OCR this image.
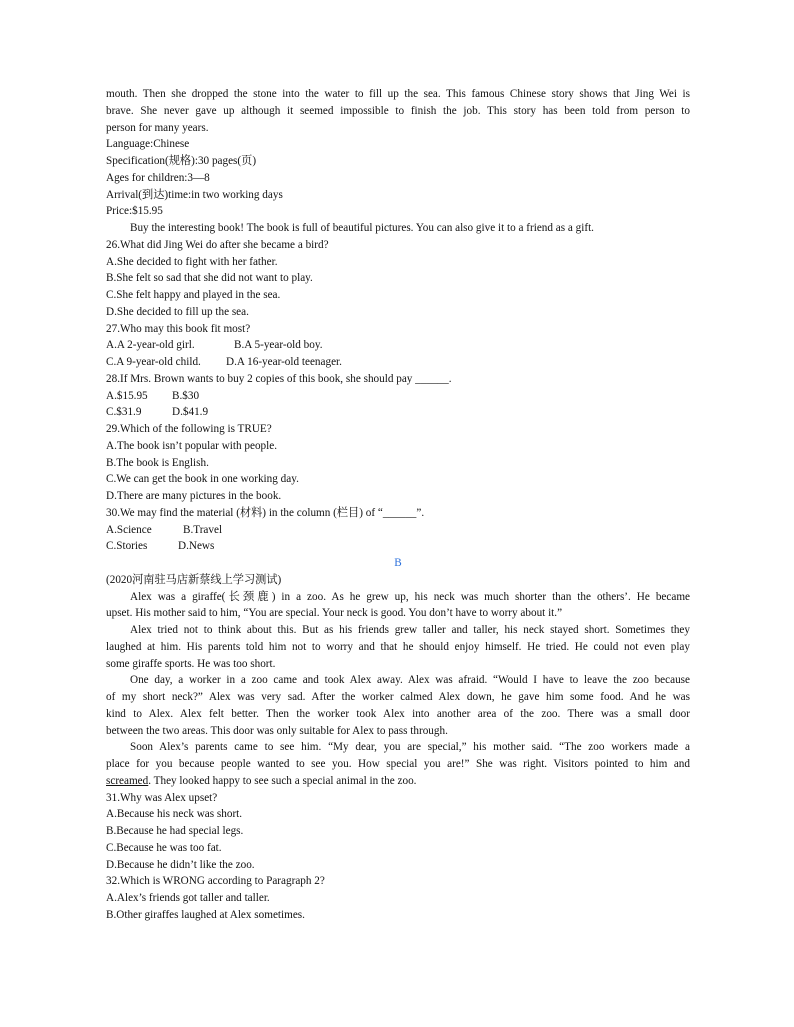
mouth. Then she dropped the stone into the water to fill up the sea. This famous Chinese story shows that Jing Wei is
brave. She never gave up although it seemed impossible to finish the job. This story has been told from person to
person for many years.
Language:Chinese
Specification(规格):30 pages(页)
Ages for children:3—8
Arrival(到达)time:in two working days
Price:$15.95
Buy the interesting book! The book is full of beautiful pictures. You can also give it to a friend as a gift.
26.What did Jing Wei do after she became a bird?
A.She decided to fight with her father.
B.She felt so sad that she did not want to play.
C.She felt happy and played in the sea.
D.She decided to fill up the sea.
27.Who may this book fit most?
A.A 2-year-old girl.	B.A 5-year-old boy.
C.A 9-year-old child. D.A 16-year-old teenager.
28.If Mrs. Brown wants to buy 2 copies of this book, she should pay ______.
A.$15.95 B.$30
C.$31.9	D.$41.9
29.Which of the following is TRUE?
A.The book isn’t popular with people.
B.The book is English.
C.We can get the book in one working day.
D.There are many pictures in the book.
30.We may find the material (材料) in the column (栏目) of “______”.
A.Science	B.Travel
C.Stories	D.News
B
(2020河南驻马店新蔡线上学习测试)
Alex was a giraffe(长颈鹿) in a zoo. As he grew up, his neck was much shorter than the others’. He became
upset. His mother said to him, “You are special. Your neck is good. You don’t have to worry about it.”
Alex tried not to think about this. But as his friends grew taller and taller, his neck stayed short. Sometimes they
laughed at him. His parents told him not to worry and that he should enjoy himself. He tried. He could not even play
some giraffe sports. He was too short.
One day, a worker in a zoo came and took Alex away. Alex was afraid. “Would I have to leave the zoo because
of my short neck?” Alex was very sad. After the worker calmed Alex down, he gave him some food. And he was
kind to Alex. Alex felt better. Then the worker took Alex into another area of the zoo. There was a small door
between the two areas. This door was only suitable for Alex to pass through.
Soon Alex’s parents came to see him. “My dear, you are special,” his mother said. “The zoo workers made a
place for you because people wanted to see you. How special you are!” She was right. Visitors pointed to him and
screamed. They looked happy to see such a special animal in the zoo.
31.Why was Alex upset?
A.Because his neck was short.
B.Because he had special legs.
C.Because he was too fat.
D.Because he didn’t like the zoo.
32.Which is WRONG according to Paragraph 2?
A.Alex’s friends got taller and taller.
B.Other giraffes laughed at Alex sometimes.
